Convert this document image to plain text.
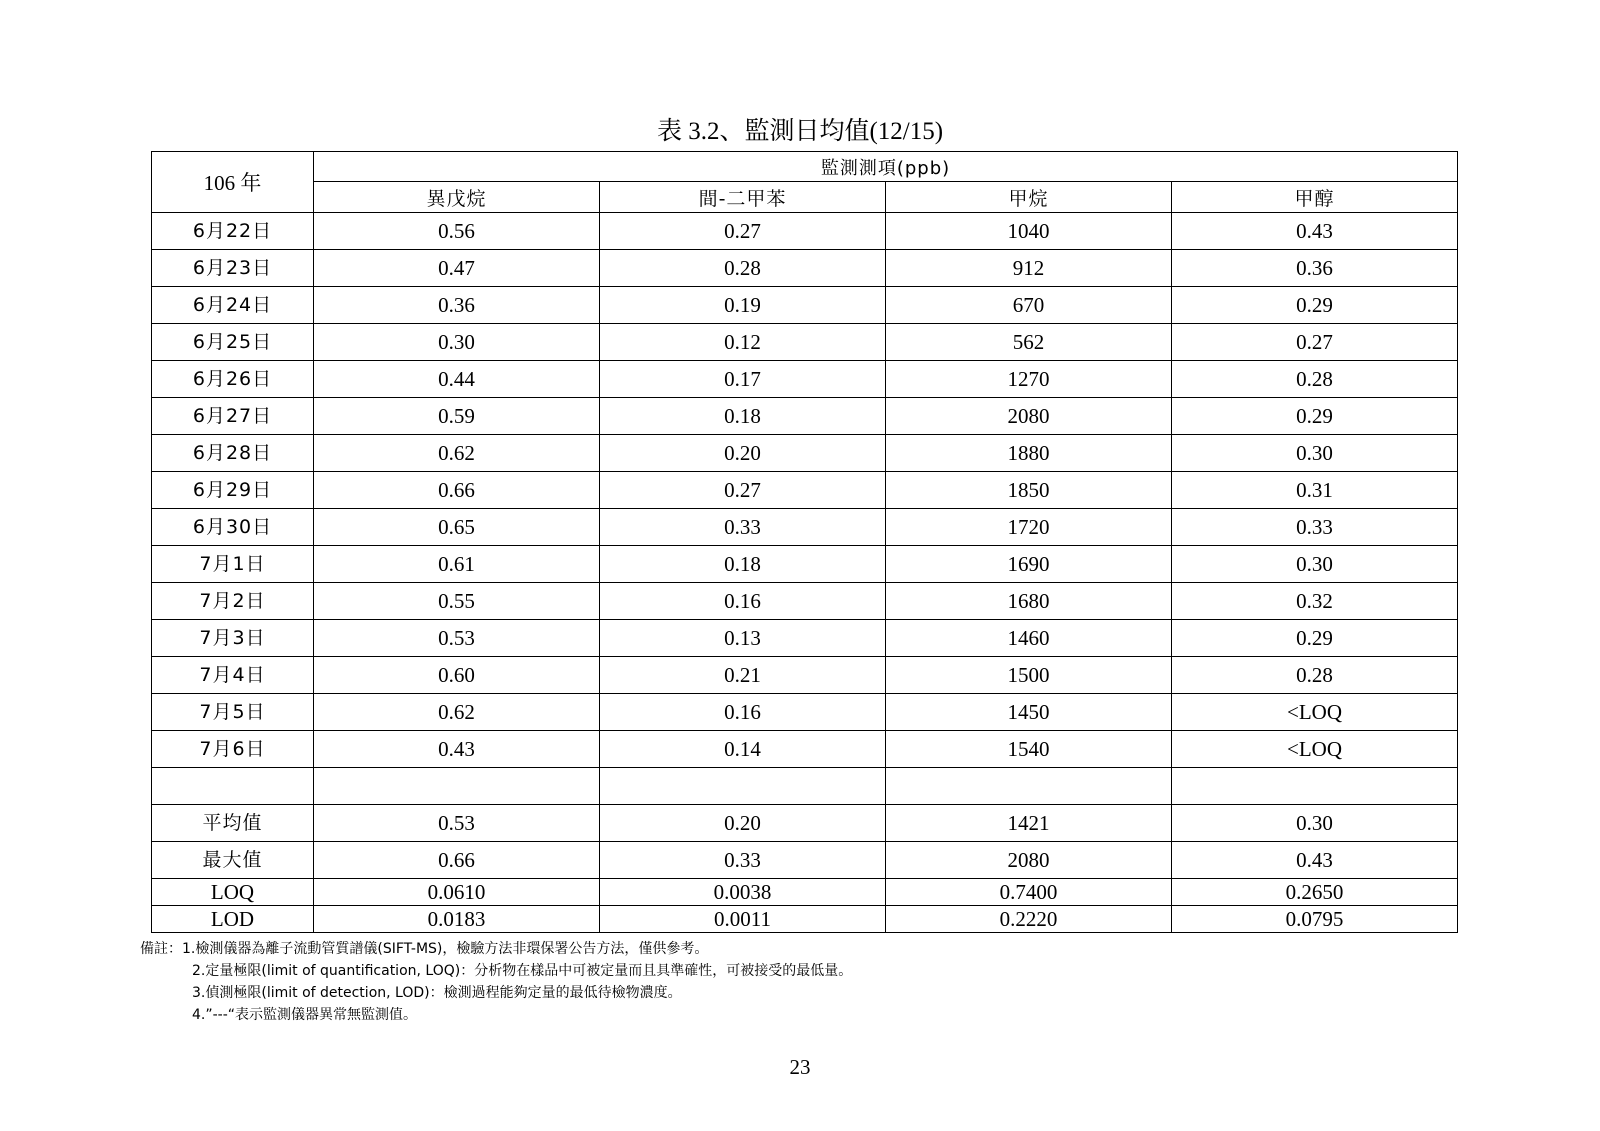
表 3.2、監測日均值(12/15)
106 年	監測測項(ppb)			
	異戊烷	間-二甲苯	甲烷	甲醇
6月22日	0.56	0.27	1040	0.43
6月23日	0.47	0.28	912	0.36
6月24日	0.36	0.19	670	0.29
6月25日	0.30	0.12	562	0.27
6月26日	0.44	0.17	1270	0.28
6月27日	0.59	0.18	2080	0.29
6月28日	0.62	0.20	1880	0.30
6月29日	0.66	0.27	1850	0.31
6月30日	0.65	0.33	1720	0.33
7月1日	0.61	0.18	1690	0.30
7月2日	0.55	0.16	1680	0.32
7月3日	0.53	0.13	1460	0.29
7月4日	0.60	0.21	1500	0.28
7月5日	0.62	0.16	1450	<LOQ
7月6日	0.43	0.14	1540	<LOQ

平均值	0.53	0.20	1421	0.30
最大值	0.66	0.33	2080	0.43
LOQ	0.0610	0.0038	0.7400	0.2650
LOD	0.0183	0.0011	0.2220	0.0795
備註：1.檢測儀器為離子流動管質譜儀(SIFT-MS)，檢驗方法非環保署公告方法，僅供參考。
2.定量極限(limit of quantification, LOQ)：分析物在樣品中可被定量而且具準確性，可被接受的最低量。
3.偵測極限(limit of detection, LOD)：檢測過程能夠定量的最低待檢物濃度。
4.”---“表示監測儀器異常無監測值。
23
